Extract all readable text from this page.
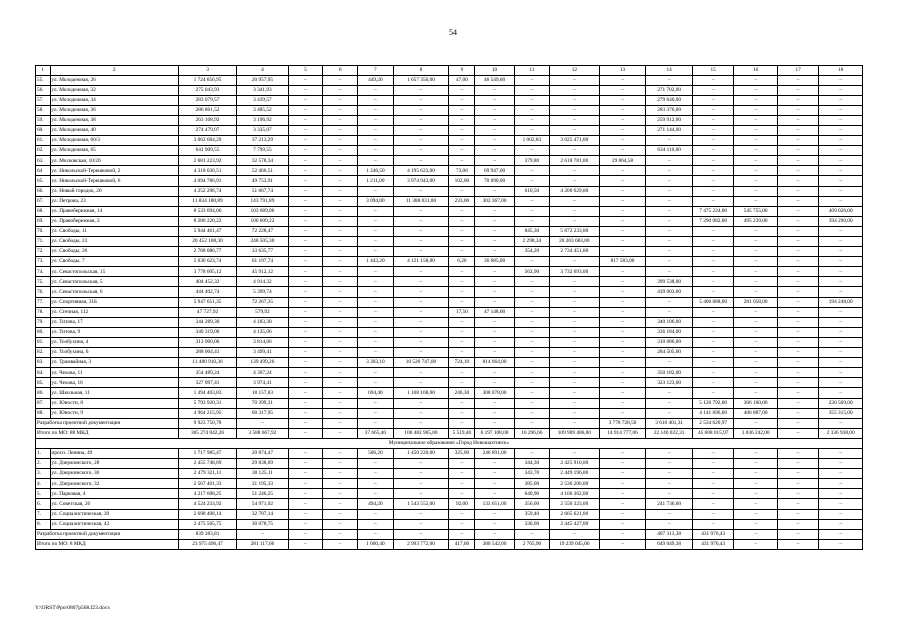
54
1	2	3	4	5	6	7	8	9	10	11	12	13	14	15	16	17	18
55.	ул. Молодежная, 26	1 724 856,95	20 957,95	–	–	449,20	1 657 350,00	47,00	46 549,00	–	–	–	–	–	–	–	–
56.	ул. Молодежная, 32	275 043,93	3 341,93	–	–	–	–	–	–	–	–	–	271 702,00	–	–	–	–
57.	ул. Молодежная, 34	283 079,57	3 439,57	–	–	–	–	–	–	–	–	–	279 640,00	–	–	–	–
58.	ул. Молодежная, 36	286 861,52	3 485,52	–	–	–	–	–	–	–	–	–	283 376,00	–	–	–	–
59.	ул. Молодежная, 38	263 108,92	3 196,92	–	–	–	–	–	–	–	–	–	259 912,00	–	–	–	–
60.	ул. Молодежная, 40	274 479,07	3 335,07	–	–	–	–	–	–	–	–	–	271 144,00	–	–	–	–
61.	ул. Молодежная, 60/3	3 062 684,29	37 213,29	–	–	–	–	–	–	1 002,83	3 025 471,00	–	–	–	–	–	–
62.	ул. Молодежная, 65	641 909,55	7 799,55	–	–	–	–	–	–	–	–	–	634 110,00	–	–	–	–
63.	ул. Московская, 10/20	2 681 223,92	32 578,34	–	–	–	–	–	–	379,80	2 618 781,00	29 864,58	–	–	–	–	–
64	ул. Никольской-Терешковой, 2	4 318 036,51	52 466,51	–	–	1 246,50	4 195 623,00	73,06	69 947,00	–	–	–	–	–	–	–	–
65.	ул. Никольской-Терешковой, 6	4 094 786,91	49 753,91	–	–	1 211,00	3 974 943,00	102,00	70 090,00	–	–	–	–	–	–	–	–
66.	ул. Новый городок, 20	4 252 296,74	51 667,74	–	–	–	–	–	–	610,50	4 200 629,00	–	–	–	–	–	–
67.	ул. Петрова, 23	11 834 180,89	143 791,89	–	–	3 094,00	11 388 031,00	233,00	302 367,00	–	–	–	–	–	–	–	–
68.	ул. Правобережная, 14	8 533 694,06	103 689,06	–	–	–	–	–	–	–	–	–	–	7 475 224,00	545 755,00	–	409 026,00
69.	ул. Правобережная, 2	8 280 220,22	100 609,22	–	–	–	–	–	–	–	–	–	–	7 290 082,00	495 239,00	–	394 290,00
70.	ул. Свободы, 11	5 944 461,47	72 228,47	–	–	–	–	–	–	845,30	5 872 233,00	–	–	–	–	–	–
71.	ул. Свободы, 23	20 452 188,30	248 505,30	–	–	–	–	–	–	2 298,34	20 203 683,00	–	–	–	–	–	–
72.	ул. Свободы, 26	2 768 086,77	33 635,77	–	–	–	–	–	–	354,20	2 734 451,00	–	–	–	–	–	–
73.	ул. Свободы, 7	5 036 623,74	61 197,74	–	–	1 443,20	4 121 158,00	6,20	36 685,00	–	–	817 583,00	–	–	–	–	–
74.	ул. Севастопольская, 15	3 778 605,12	45 912,12	–	–	–	–	–	–	562,90	3 732 693,00	–	–	–	–	–	–
75.	ул. Севастопольская, 5	404 452,32	4 914,32	–	–	–	–	–	–	–	–	–	399 538,00	–	–	–	–
76.	ул. Севастопольская, 6	444 402,74	5 399,74	–	–	–	–	–	–	–	–	–	439 003,00	–	–	–	–
77.	ул. Спортивная, 31Б	5 947 651,35	72 267,35	–	–	–	–	–	–	–	–	–	–	5 400 088,00	281 058,00	–	194 248,00
78.	ул. Степная, 112	47 727,92	579,92	–	–	–	–	17,50	47 148,00	–	–	–	–	–	–	–	–
79.	ул. Титова, 17	344 289,30	4 183,30	–	–	–	–	–	–	–	–	–	340 106,00	–	–	–	–
80.	ул. Титова, 9	340 319,06	4 135,06	–	–	–	–	–	–	–	–	–	336 184,00	–	–	–	–
81.	ул. Толбухина, 4	313 900,06	3 814,06	–	–	–	–	–	–	–	–	–	310 086,00	–	–	–	–
82.	ул. Толбухина, 6	288 004,41	3 499,41	–	–	–	–	–	–	–	–	–	284 505,00	–	–	–	–
83.	ул. Трамвайная, 3	11 480 910,36	139 499,26	–	–	3 303,10	10 526 747,00	724,10	814 664,00	–	–	–	–	–	–	–	–
84.	ул. Чехова, 11	354 489,24	4 307,24	–	–	–	–	–	–	–	–	–	350 182,00	–	–	–	–
85.	ул. Чехова, 16	327 097,41	3 974,41	–	–	–	–	–	–	–	–	–	323 123,00	–	–	–	–
86.	ул. Школьная, 11	1 494 403,83	18 157,83	–	–	694,40	1 168 168,00	246,30	308 078,00	–	–	–	–	–	–	–	–
87.	ул. Юности, 8	5 793 920,31	70 399,31	–	–	–	–	–	–	–	–	–	–	5 126 792,00	366 160,00	–	230 569,00
88.	ул. Юности, 9	4 964 215,95	60 317,95	–	–	–	–	–	–	–	–	–	–	4 141 696,00	406 887,00	–	355 315,00
Разработка проектной документации		9 923 750,78	–	–	–	–	–	–	–	–	–	3 778 728,50	3 610 401,31	2 534 620,97	–	–	–
Итого по МО: 88 МКД		305 274 042,26	3 588 667,92	–	–	37 665,40	106 482 965,00	5 519,40	6 197 108,00	16 296,66	109 909 406,00	14 914 777,06	22 140 022,31	45 608 015,97	3 036 242,00	–	2 336 938,00
Муниципальное образование «Город Новошахтинск»																	
1.	просп. Ленина, 49	1 717 985,47	20 874,47	–	–	506,20	1 450 220,00	325,00	246 891,00	–	–	–	–	–	–	–	–
2.	ул. Дзержинского, 28	2 455 748,69	29 838,69	–	–	–	–	–	–	344,30	2 425 910,00	–	–	–	–	–	–
3.	ул. Дзержинского, 30	2 479 321,11	30 125,11	–	–	–	–	–	–	343,70	2 449 196,00	–	–	–	–	–	–
4.	ул. Дзержинского, 32	2 567 401,33	31 195,33	–	–	–	–	–	–	385,00	2 536 206,00	–	–	–	–	–	–
5.	ул. Парковая, 4	4 217 608,25	51 246,25	–	–	–	–	–	–	640,90	4 166 362,00	–	–	–	–	–	–
6.	ул. Советская, 26	4 524 233,92	54 971,92	–	–	494,20	1 543 552,00	92,00	133 651,00	356,00	2 550 323,00	–	241 736,00	–	–	–	–
7.	ул. Социалистическая, 39	2 698 408,14	32 787,14	–	–	–	–	–	–	359,40	2 665 621,00	–	–	–	–	–	–
8.	ул. Социалистическая, 43	2 475 505,75	30 078,75	–	–	–	–	–	–	336,60	2 445 427,00	–	–	–	–	–	–
Разработка проектной документации		839 283,81	–	–	–	–	–	–	–	–	–	–	407 313,38	431 970,43	–	–	–
Итого по МО: 8 МКД		23 975 496,47	281 117,66	–	–	1 000,40	2 993 772,00	417,00	380 542,00	2 765,90	19 239 045,00	–	649 049,38	431 970,43	–	–	–
Y:\ORST\Ppo\0807p568.f23.docx
